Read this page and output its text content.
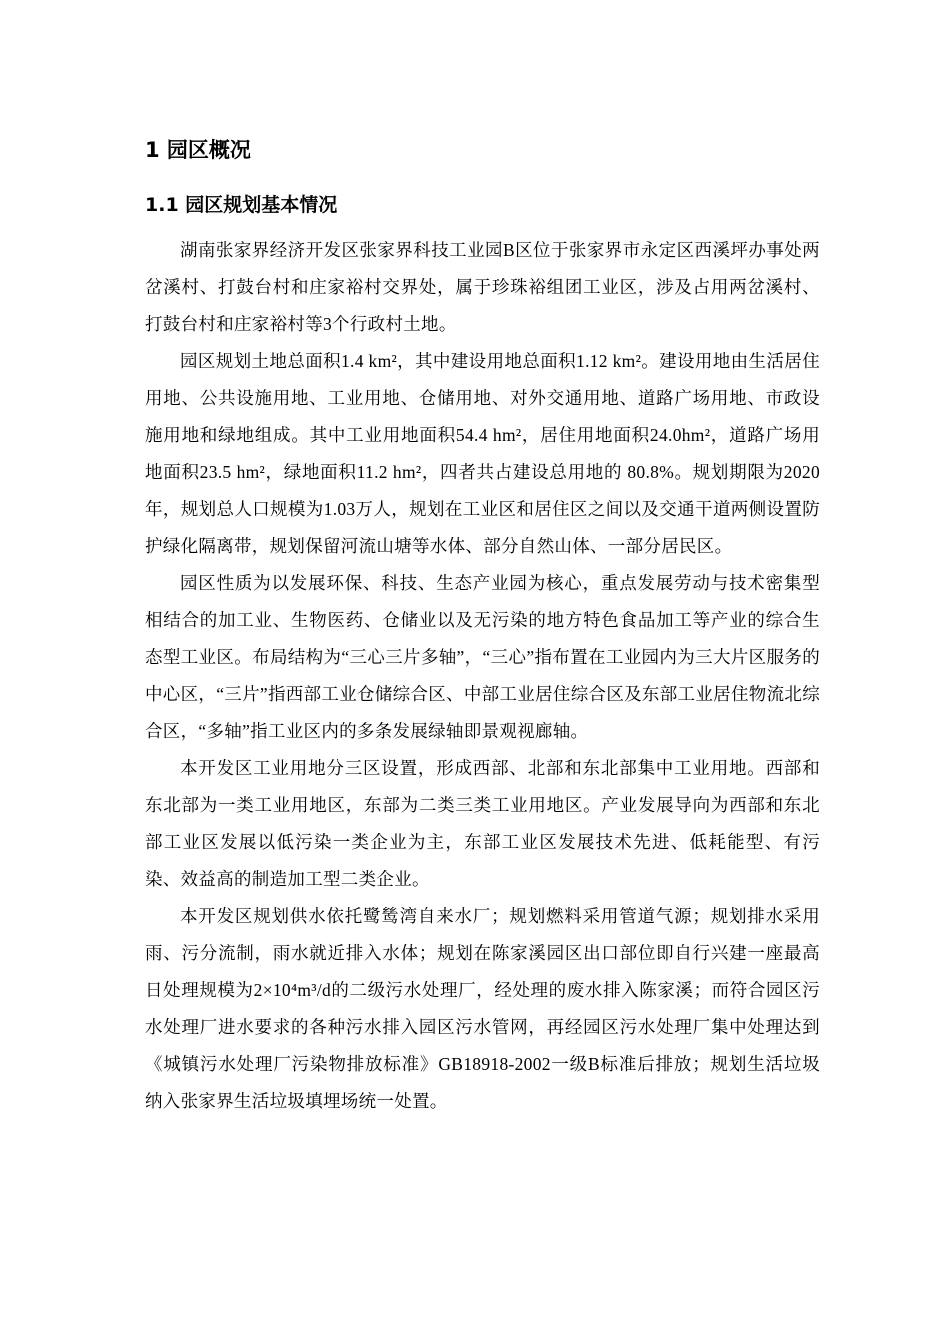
1 园区概况
1.1 园区规划基本情况

湖南张家界经济开发区张家界科技工业园B区位于张家界市永定区西溪坪办事处两岔溪村、打鼓台村和庄家裕村交界处，属于珍珠裕组团工业区，涉及占用两岔溪村、打鼓台村和庄家裕村等3个行政村土地。

园区规划土地总面积1.4 km²，其中建设用地总面积1.12 km²。建设用地由生活居住用地、公共设施用地、工业用地、仓储用地、对外交通用地、道路广场用地、市政设施用地和绿地组成。其中工业用地面积54.4 hm²，居住用地面积24.0hm²，道路广场用地面积23.5 hm²，绿地面积11.2 hm²，四者共占建设总用地的 80.8%。规划期限为2020年，规划总人口规模为1.03万人，规划在工业区和居住区之间以及交通干道两侧设置防护绿化隔离带，规划保留河流山塘等水体、部分自然山体、一部分居民区。

园区性质为以发展环保、科技、生态产业园为核心，重点发展劳动与技术密集型相结合的加工业、生物医药、仓储业以及无污染的地方特色食品加工等产业的综合生态型工业区。布局结构为“三心三片多轴”，“三心”指布置在工业园内为三大片区服务的中心区，“三片”指西部工业仓储综合区、中部工业居住综合区及东部工业居住物流北综合区，“多轴”指工业区内的多条发展绿轴即景观视廊轴。

本开发区工业用地分三区设置，形成西部、北部和东北部集中工业用地。西部和东北部为一类工业用地区，东部为二类三类工业用地区。产业发展导向为西部和东北部工业区发展以低污染一类企业为主，东部工业区发展技术先进、低耗能型、有污染、效益高的制造加工型二类企业。

本开发区规划供水依托鹭鸶湾自来水厂；规划燃料采用管道气源；规划排水采用雨、污分流制，雨水就近排入水体；规划在陈家溪园区出口部位即自行兴建一座最高日处理规模为2×10⁴m³/d的二级污水处理厂，经处理的废水排入陈家溪；而符合园区污水处理厂进水要求的各种污水排入园区污水管网，再经园区污水处理厂集中处理达到《城镇污水处理厂污染物排放标准》GB18918-2002一级B标准后排放；规划生活垃圾纳入张家界生活垃圾填埋场统一处置。
